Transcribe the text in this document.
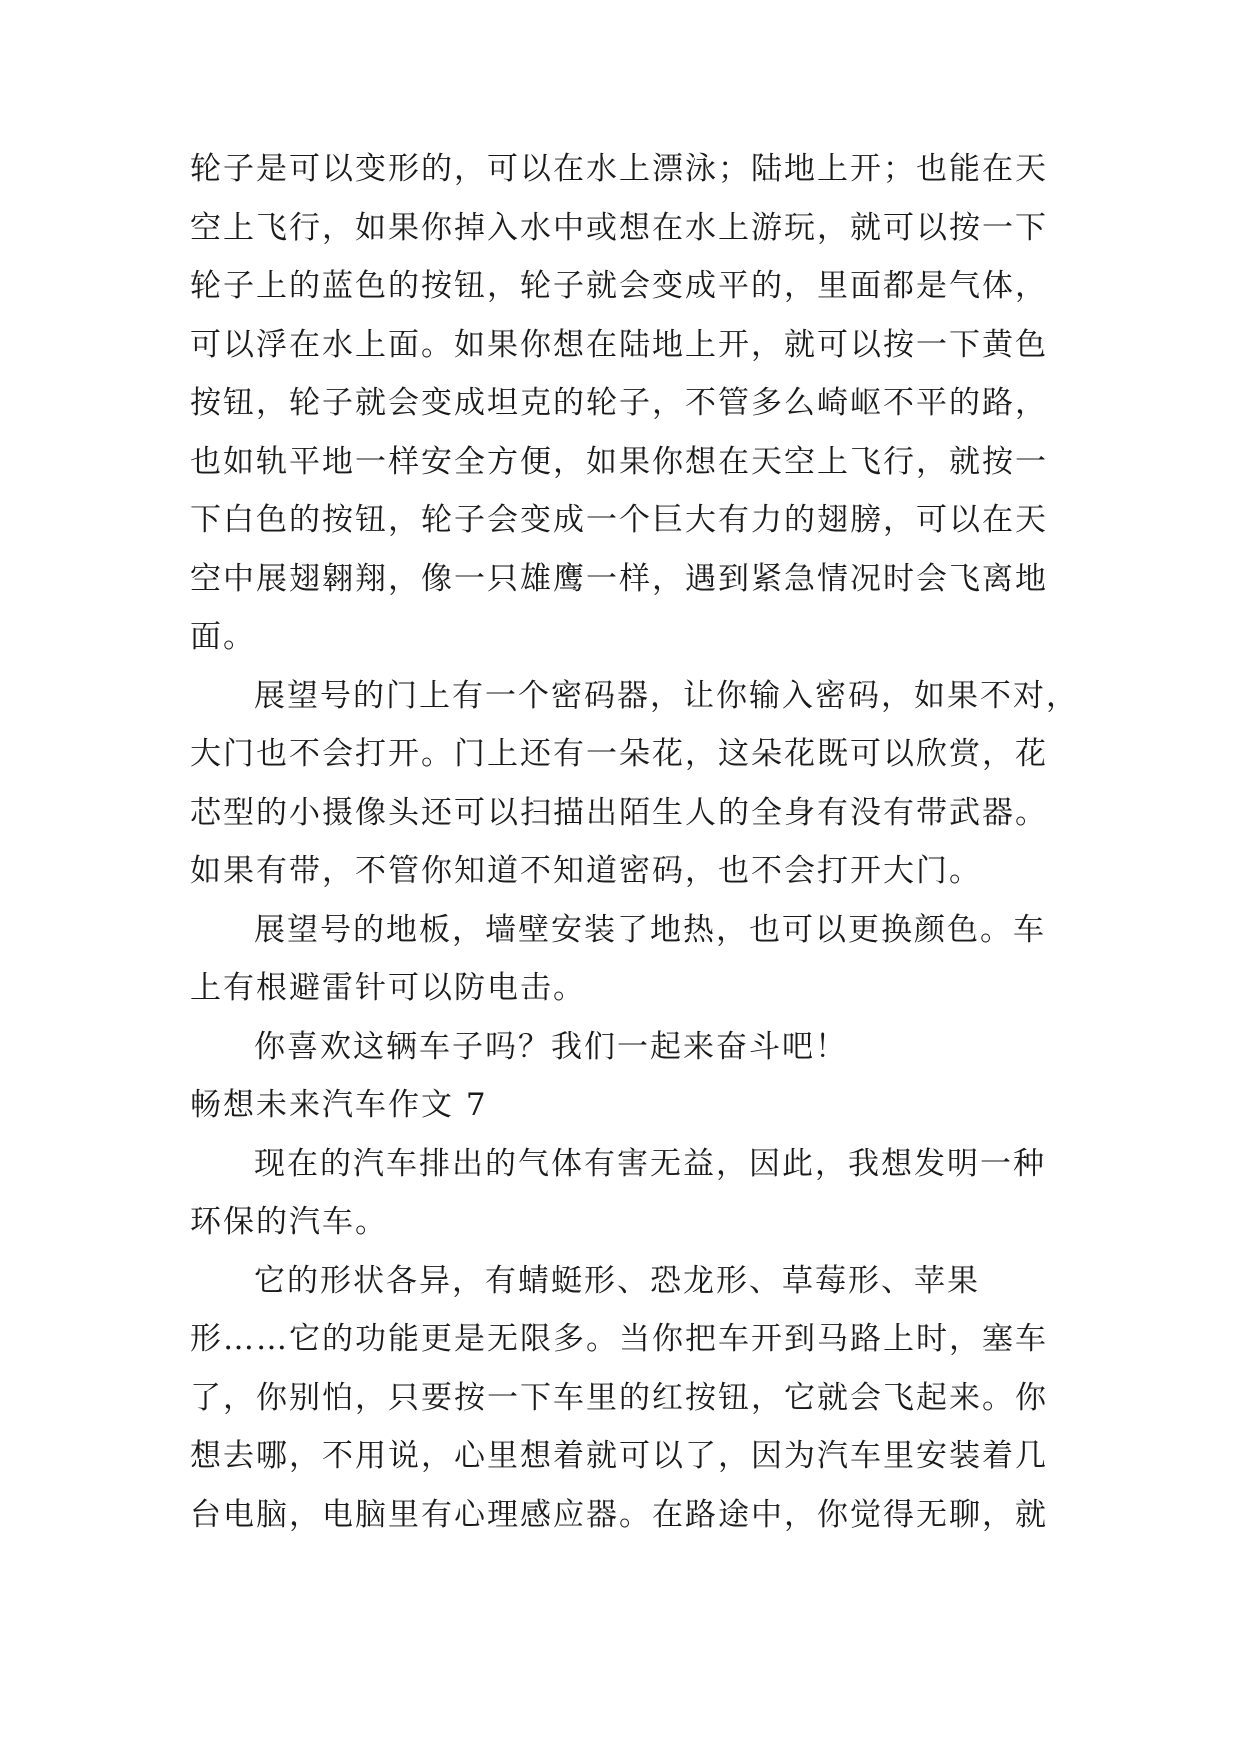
轮子是可以变形的，可以在水上漂泳；陆地上开；也能在天
空上飞行，如果你掉入水中或想在水上游玩，就可以按一下
轮子上的蓝色的按钮，轮子就会变成平的，里面都是气体，
可以浮在水上面。如果你想在陆地上开，就可以按一下黄色
按钮，轮子就会变成坦克的轮子，不管多么崎岖不平的路，
也如轨平地一样安全方便，如果你想在天空上飞行，就按一
下白色的按钮，轮子会变成一个巨大有力的翅膀，可以在天
空中展翅翱翔，像一只雄鹰一样，遇到紧急情况时会飞离地
面。
展望号的门上有一个密码器，让你输入密码，如果不对，
大门也不会打开。门上还有一朵花，这朵花既可以欣赏，花
芯型的小摄像头还可以扫描出陌生人的全身有没有带武器。
如果有带，不管你知道不知道密码，也不会打开大门。
展望号的地板，墙壁安装了地热，也可以更换颜色。车
上有根避雷针可以防电击。
你喜欢这辆车子吗？我们一起来奋斗吧！
畅想未来汽车作文 7
现在的汽车排出的气体有害无益，因此，我想发明一种
环保的汽车。
它的形状各异，有蜻蜓形、恐龙形、草莓形、苹果
形……它的功能更是无限多。当你把车开到马路上时，塞车
了，你别怕，只要按一下车里的红按钮，它就会飞起来。你
想去哪，不用说，心里想着就可以了，因为汽车里安装着几
台电脑，电脑里有心理感应器。在路途中，你觉得无聊，就
